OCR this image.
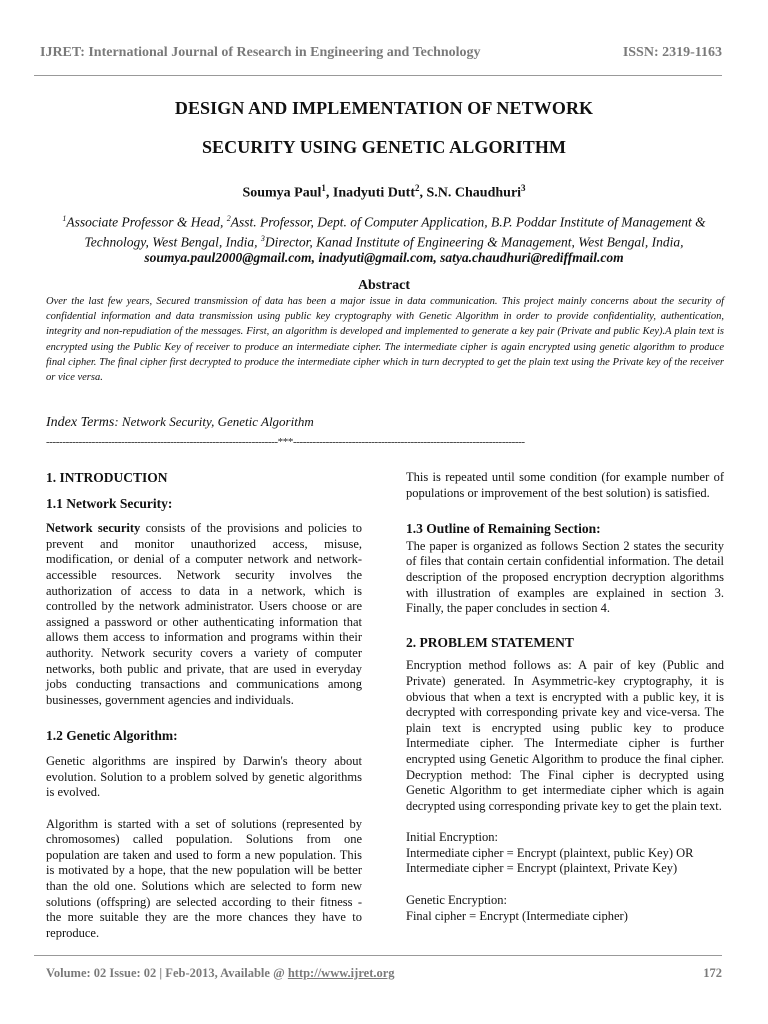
IJRET: International Journal of Research in Engineering and Technology	ISSN: 2319-1163
DESIGN AND IMPLEMENTATION OF NETWORK
SECURITY USING GENETIC ALGORITHM
Soumya Paul$^1$, Inadyuti Dutt$^2$, S.N. Chaudhuri$^3$
$^1$Associate Professor & Head, $^2$Asst. Professor, Dept. of Computer Application, B.P. Poddar Institute of Management & Technology, West Bengal, India, $^3$Director, Kanad Institute of Engineering & Management, West Bengal, India,
soumya.paul2000@gmail.com, inadyuti@gmail.com, satya.chaudhuri@rediffmail.com
Abstract
Over the last few years, Secured transmission of data has been a major issue in data communication. This project mainly concerns about the security of confidential information and data transmission using public key cryptography with Genetic Algorithm in order to provide confidentiality, authentication, integrity and non-repudiation of the messages. First, an algorithm is developed and implemented to generate a key pair (Private and public Key).A plain text is encrypted using the Public Key of receiver to produce an intermediate cipher. The intermediate cipher is again encrypted using genetic algorithm to produce final cipher. The final cipher first decrypted to produce the intermediate cipher which in turn decrypted to get the plain text using the Private key of the receiver or vice versa.
Index Terms: Network Security, Genetic Algorithm
-----------------------------------------------------------------------***-----------------------------------------------------------------------
1. INTRODUCTION
1.1 Network Security:

Network security consists of the provisions and policies to prevent and monitor unauthorized access, misuse, modification, or denial of a computer network and network-accessible resources. Network security involves the authorization of access to data in a network, which is controlled by the network administrator. Users choose or are assigned a password or other authenticating information that allows them access to information and programs within their authority. Network security covers a variety of computer networks, both public and private, that are used in everyday jobs conducting transactions and communications among businesses, government agencies and individuals.

1.2 Genetic Algorithm:

Genetic algorithms are inspired by Darwin's theory about evolution. Solution to a problem solved by genetic algorithms is evolved.

Algorithm is started with a set of solutions (represented by chromosomes) called population. Solutions from one population are taken and used to form a new population. This is motivated by a hope, that the new population will be better than the old one. Solutions which are selected to form new solutions (offspring) are selected according to their fitness - the more suitable they are the more chances they have to reproduce.

This is repeated until some condition (for example number of populations or improvement of the best solution) is satisfied.

1.3 Outline of Remaining Section:

The paper is organized as follows Section 2 states the security of files that contain certain confidential information. The detail description of the proposed encryption decryption algorithms with illustration of examples are explained in section 3. Finally, the paper concludes in section 4.

2. PROBLEM STATEMENT

Encryption method follows as: A pair of key (Public and Private) generated. In Asymmetric-key cryptography, it is obvious that when a text is encrypted with a public key, it is decrypted with corresponding private key and vice-versa. The plain text is encrypted using public key to produce Intermediate cipher. The Intermediate cipher is further encrypted using Genetic Algorithm to produce the final cipher. Decryption method: The Final cipher is decrypted using Genetic Algorithm to get intermediate cipher which is again decrypted using corresponding private key to get the plain text.

Initial Encryption:
Intermediate cipher = Encrypt (plaintext, public Key) OR
Intermediate cipher = Encrypt (plaintext, Private Key)
Genetic Encryption:
Final cipher = Encrypt (Intermediate cipher)
Volume: 02 Issue: 02 | Feb-2013, Available @ http://www.ijret.org	172
